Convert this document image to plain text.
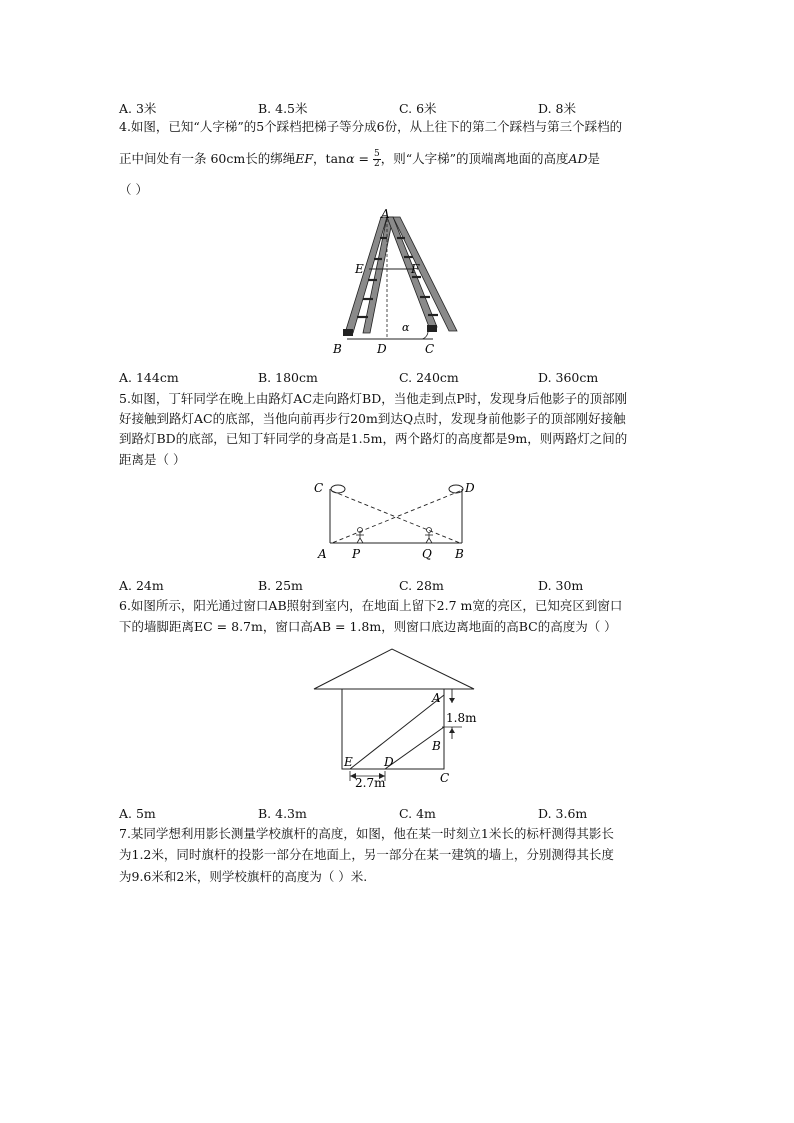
A. 3米	B. 4.5米	C. 6米	D. 8米
4.如图，已知“人字梯”的5个踩档把梯子等分成6份，从上往下的第二个踩档与第三个踩档的
正中间处有一条 60cm长的绑绳EF，$\tan\alpha = \frac{5}{2}$ ，则“人字梯”的顶端离地面的高度AD是
（ ）
A
E	F
α
B	D	C
A. 144cm	B. 180cm	C. 240cm	D. 360cm
5.如图，丁轩同学在晚上由路灯AC走向路灯BD，当他走到点P时，发现身后他影子的顶部刚
好接触到路灯AC的底部，当他向前再步行20m到达Q点时，发现身前他影子的顶部刚好接触
到路灯BD的底部，已知丁轩同学的身高是1.5m，两个路灯的高度都是9m，则两路灯之间的
距离是（ ）
C	D
A P	Q B
A. 24m	B. 25m	C. 28m	D. 30m
6.如图所示，阳光通过窗口AB照射到室内，在地面上留下2.7 m宽的亮区，已知亮区到窗口
下的墙脚距离EC = 8.7m，窗口高AB = 1.8m，则窗口底边离地面的高BC的高度为（ ）
A
1.8m
B
E	D
C
2.7m
A. 5m	B. 4.3m	C. 4m	D. 3.6m
7.某同学想利用影长测量学校旗杆的高度，如图，他在某一时刻立1米长的标杆测得其影长
为1.2米，同时旗杆的投影一部分在地面上，另一部分在某一建筑的墙上，分别测得其长度
为9.6米和2米，则学校旗杆的高度为（ ）米.
